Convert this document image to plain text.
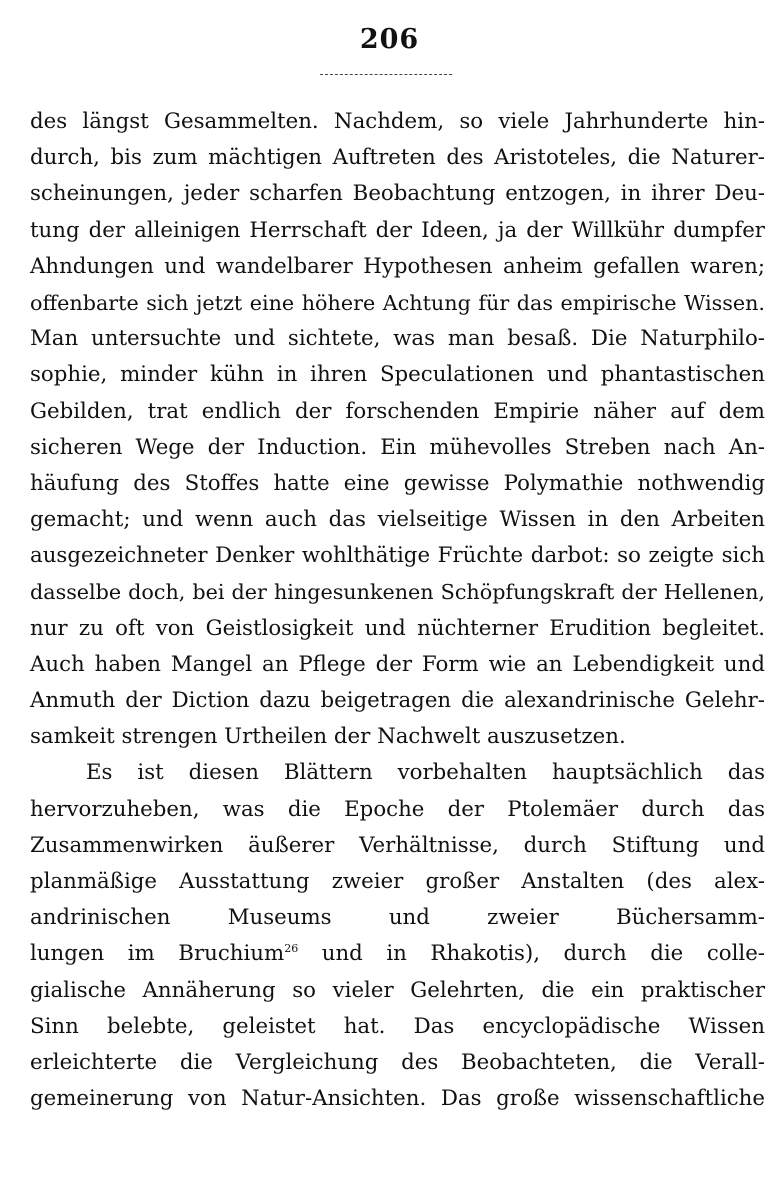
206
des längst Gesammelten. Nachdem, so viele Jahrhunderte hin-
durch, bis zum mächtigen Auftreten des Aristoteles, die Naturer-
scheinungen, jeder scharfen Beobachtung entzogen, in ihrer Deu-
tung der alleinigen Herrschaft der Ideen, ja der Willkühr dumpfer
Ahndungen und wandelbarer Hypothesen anheim gefallen waren;
offenbarte sich jetzt eine höhere Achtung für das empirische Wissen.
Man untersuchte und sichtete, was man besaß. Die Naturphilo-
sophie, minder kühn in ihren Speculationen und phantastischen
Gebilden, trat endlich der forschenden Empirie näher auf dem
sicheren Wege der Induction. Ein mühevolles Streben nach An-
häufung des Stoffes hatte eine gewisse Polymathie nothwendig
gemacht; und wenn auch das vielseitige Wissen in den Arbeiten
ausgezeichneter Denker wohlthätige Früchte darbot: so zeigte sich
dasselbe doch, bei der hingesunkenen Schöpfungskraft der Hellenen,
nur zu oft von Geistlosigkeit und nüchterner Erudition begleitet.
Auch haben Mangel an Pflege der Form wie an Lebendigkeit und
Anmuth der Diction dazu beigetragen die alexandrinische Gelehr-
samkeit strengen Urtheilen der Nachwelt auszusetzen.
Es ist diesen Blättern vorbehalten hauptsächlich das
hervorzuheben, was die Epoche der Ptolemäer durch das
Zusammenwirken äußerer Verhältnisse, durch Stiftung und
planmäßige Ausstattung zweier großer Anstalten (des alex-
andrinischen Museums und zweier Büchersamm-
lungen im Bruchium$^{26}$ und in Rhakotis), durch die colle-
gialische Annäherung so vieler Gelehrten, die ein praktischer
Sinn belebte, geleistet hat. Das encyclopädische Wissen
erleichterte die Vergleichung des Beobachteten, die Verall-
gemeinerung von Natur-Ansichten. Das große wissenschaftliche
